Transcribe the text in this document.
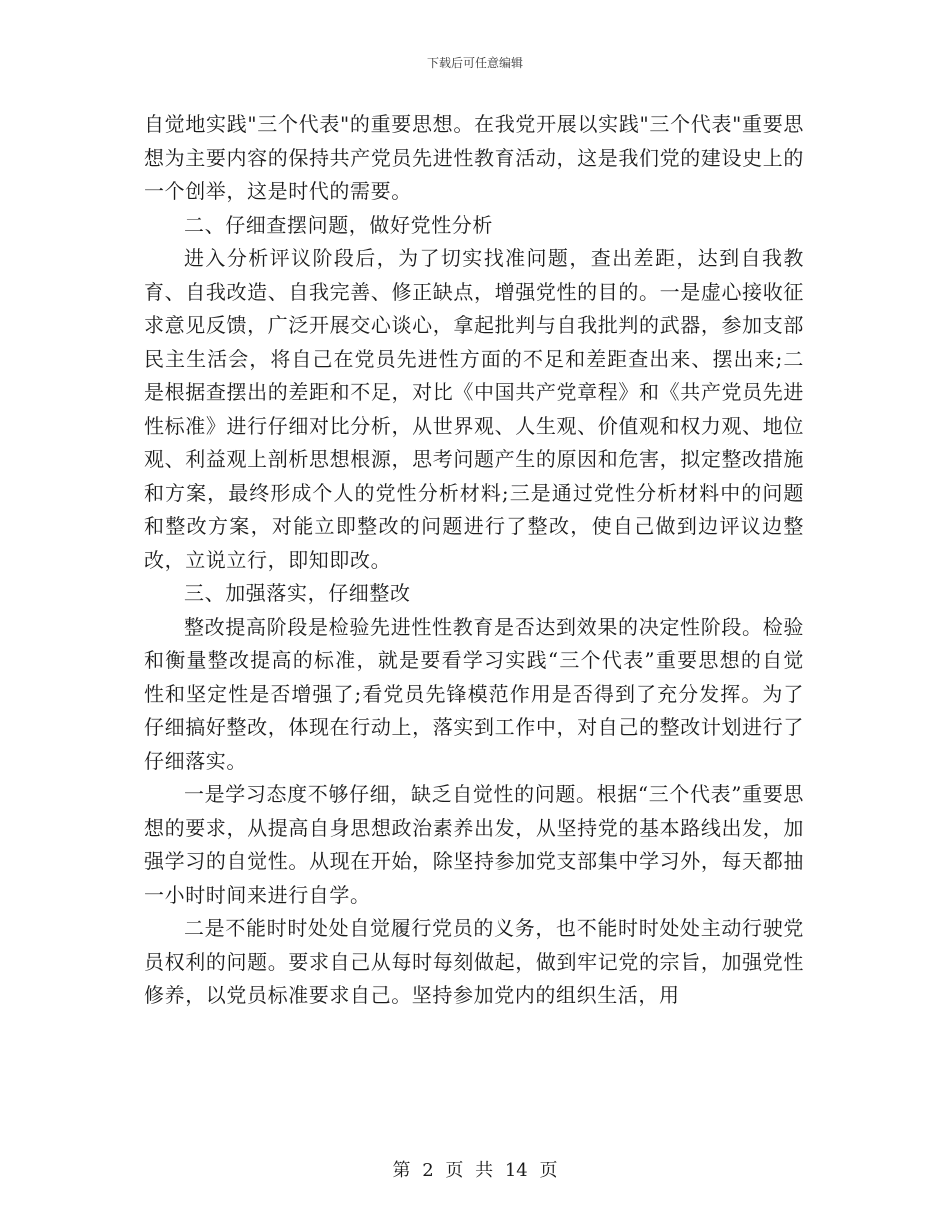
下载后可任意编辑

自觉地实践"三个代表"的重要思想。在我党开展以实践"三个代表"重要思想为主要内容的保持共产党员先进性教育活动，这是我们党的建设史上的一个创举，这是时代的需要。

二、仔细查摆问题，做好党性分析

进入分析评议阶段后，为了切实找准问题，查出差距，达到自我教育、自我改造、自我完善、修正缺点，增强党性的目的。一是虚心接收征求意见反馈，广泛开展交心谈心，拿起批判与自我批判的武器，参加支部民主生活会，将自己在党员先进性方面的不足和差距查出来、摆出来;二是根据查摆出的差距和不足，对比《中国共产党章程》和《共产党员先进性标准》进行仔细对比分析，从世界观、人生观、价值观和权力观、地位观、利益观上剖析思想根源，思考问题产生的原因和危害，拟定整改措施和方案，最终形成个人的党性分析材料;三是通过党性分析材料中的问题和整改方案，对能立即整改的问题进行了整改，使自己做到边评议边整改，立说立行，即知即改。

三、加强落实，仔细整改

整改提高阶段是检验先进性性教育是否达到效果的决定性阶段。检验和衡量整改提高的标准，就是要看学习实践“三个代表”重要思想的自觉性和坚定性是否增强了;看党员先锋模范作用是否得到了充分发挥。为了仔细搞好整改，体现在行动上，落实到工作中，对自己的整改计划进行了仔细落实。

一是学习态度不够仔细，缺乏自觉性的问题。根据“三个代表”重要思想的要求，从提高自身思想政治素养出发，从坚持党的基本路线出发，加强学习的自觉性。从现在开始，除坚持参加党支部集中学习外，每天都抽一小时时间来进行自学。

二是不能时时处处自觉履行党员的义务，也不能时时处处主动行驶党员权利的问题。要求自己从每时每刻做起，做到牢记党的宗旨，加强党性修养，以党员标准要求自己。坚持参加党内的组织生活，用

第 2 页 共 14 页
